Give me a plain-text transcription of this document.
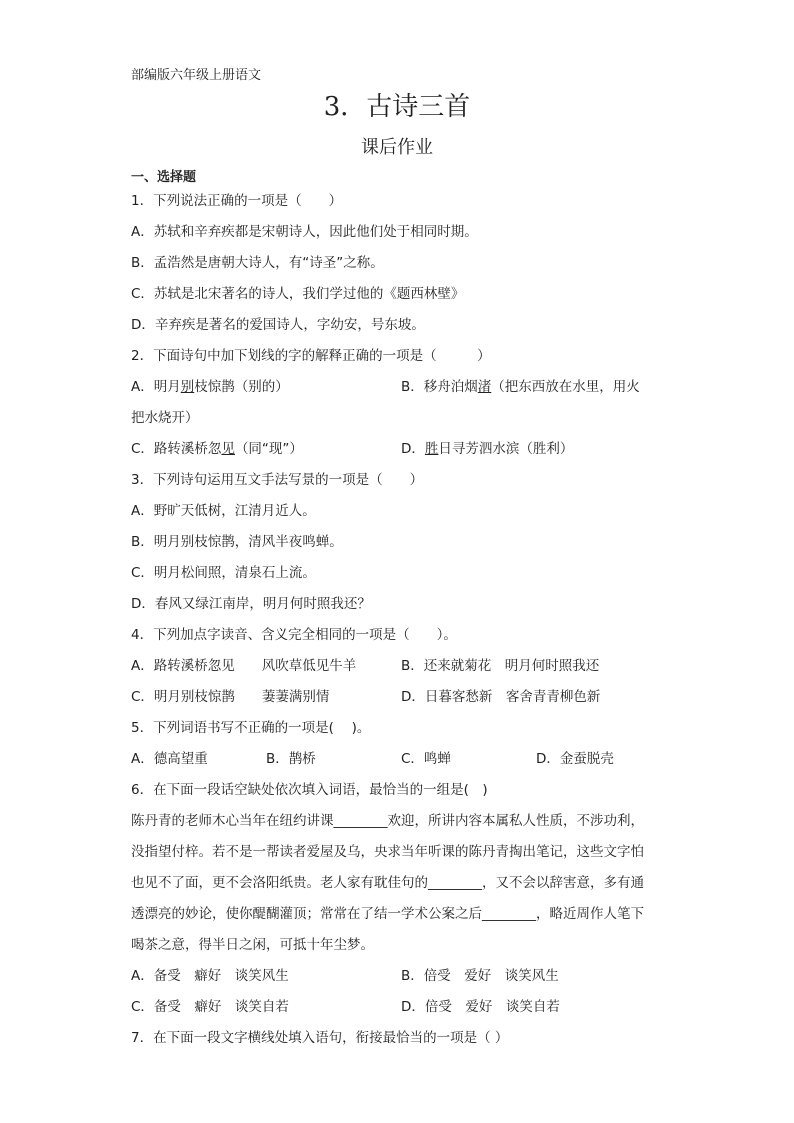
部编版六年级上册语文
3．古诗三首
课后作业
一、选择题
1．下列说法正确的一项是（　　）
A．苏轼和辛弃疾都是宋朝诗人，因此他们处于相同时期。
B．孟浩然是唐朝大诗人，有“诗圣”之称。
C．苏轼是北宋著名的诗人，我们学过他的《题西林壁》
D．辛弃疾是著名的爱国诗人，字幼安，号东坡。
2．下面诗句中加下划线的字的解释正确的一项是（　　　）
A．明月别枝惊鹊（别的）	B．移舟泊烟渚（把东西放在水里，用火
把水烧开）
C．路转溪桥忽见（同“现”）	D．胜日寻芳泗水滨（胜利）
3．下列诗句运用互文手法写景的一项是（　　）
A．野旷天低树，江清月近人。
B．明月别枝惊鹊，清风半夜鸣蝉。
C．明月松间照，清泉石上流。
D．春风又绿江南岸，明月何时照我还？
4．下列加点字读音、含义完全相同的一项是（　　）。
A．路转溪桥忽见　　风吹草低见牛羊	B．还来就菊花　明月何时照我还
C．明月别枝惊鹊　　萋萋满别情	D．日暮客愁新　客舍青青柳色新
5．下列词语书写不正确的一项是(　 )。
A．德高望重	B．鹊桥	C．鸣蝉	D．金蚕脱壳
6．在下面一段话空缺处依次填入词语，最恰当的一组是(　)
陈丹青的老师木心当年在纽约讲课________欢迎，所讲内容本属私人性质，不涉功利，
没指望付梓。若不是一帮读者爱屋及乌，央求当年听课的陈丹青掏出笔记，这些文字怕
也见不了面，更不会洛阳纸贵。老人家有耽佳句的________，又不会以辞害意，多有通
透漂亮的妙论，使你醍醐灌顶；常常在了结一学术公案之后________，略近周作人笔下
喝茶之意，得半日之闲，可抵十年尘梦。
A．备受　癖好　谈笑风生	B．倍受　爱好　谈笑风生
C．备受　癖好　谈笑自若	D．倍受　爱好　谈笑自若
7．在下面一段文字横线处填入语句，衔接最恰当的一项是（ ）
